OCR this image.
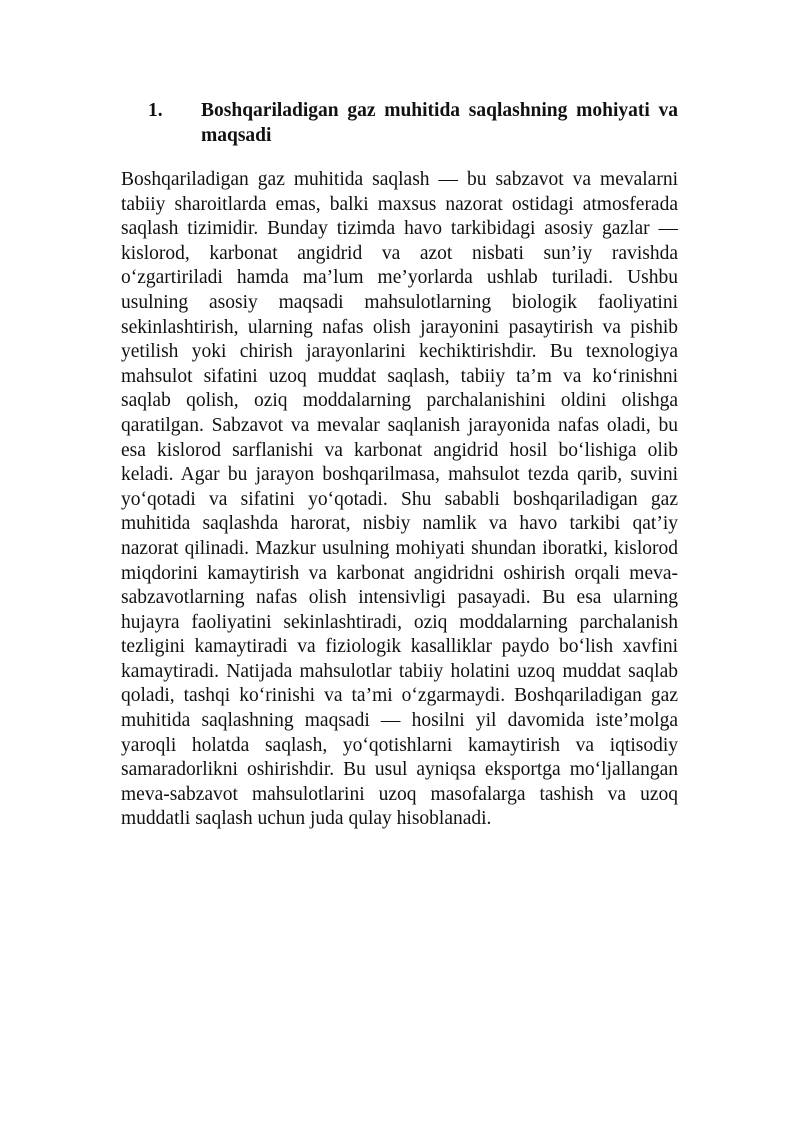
1.	Boshqariladigan gaz muhitida saqlashning mohiyati va maqsadi

Boshqariladigan gaz muhitida saqlash — bu sabzavot va mevalarni tabiiy sharoitlarda emas, balki maxsus nazorat ostidagi atmosferada saqlash tizimidir. Bunday tizimda havo tarkibidagi asosiy gazlar — kislorod, karbonat angidrid va azot nisbati sun’iy ravishda o‘zgartiriladi hamda ma’lum me’yorlarda ushlab turiladi. Ushbu usulning asosiy maqsadi mahsulotlarning biologik faoliyatini sekinlashtirish, ularning nafas olish jarayonini pasaytirish va pishib yetilish yoki chirish jarayonlarini kechiktirishdir. Bu texnologiya mahsulot sifatini uzoq muddat saqlash, tabiiy ta’m va ko‘rinishni saqlab qolish, oziq moddalarning parchalanishini oldini olishga qaratilgan. Sabzavot va mevalar saqlanish jarayonida nafas oladi, bu esa kislorod sarflanishi va karbonat angidrid hosil bo‘lishiga olib keladi. Agar bu jarayon boshqarilmasa, mahsulot tezda qarib, suvini yo‘qotadi va sifatini yo‘qotadi. Shu sababli boshqariladigan gaz muhitida saqlashda harorat, nisbiy namlik va havo tarkibi qat’iy nazorat qilinadi. Mazkur usulning mohiyati shundan iboratki, kislorod miqdorini kamaytirish va karbonat angidridni oshirish orqali meva-sabzavotlarning nafas olish intensivligi pasayadi. Bu esa ularning hujayra faoliyatini sekinlashtiradi, oziq moddalarning parchalanish tezligini kamaytiradi va fiziologik kasalliklar paydo bo‘lish xavfini kamaytiradi. Natijada mahsulotlar tabiiy holatini uzoq muddat saqlab qoladi, tashqi ko‘rinishi va ta’mi o‘zgarmaydi. Boshqariladigan gaz muhitida saqlashning maqsadi — hosilni yil davomida iste’molga yaroqli holatda saqlash, yo‘qotishlarni kamaytirish va iqtisodiy samaradorlikni oshirishdir. Bu usul ayniqsa eksportga mo‘ljallangan meva-sabzavot mahsulotlarini uzoq masofalarga tashish va uzoq muddatli saqlash uchun juda qulay hisoblanadi.
